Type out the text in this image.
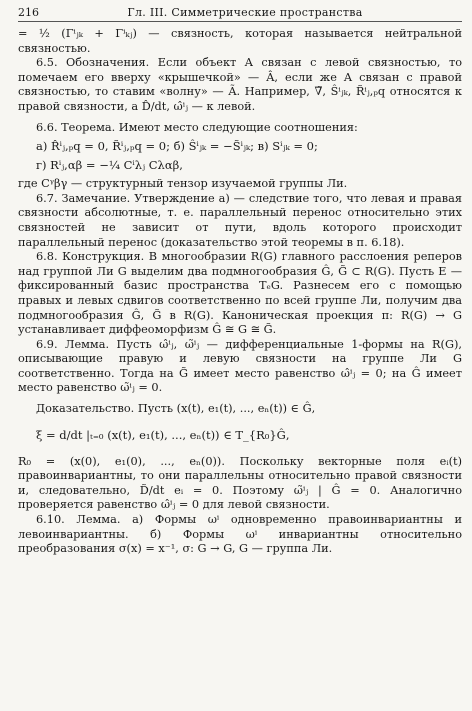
216	Гл. III. Симметрические пространства

= ½ (Γⁱⱼₖ + Γⁱₖⱼ) — связность, которая называется нейтральной связностью.

6.5. Обозначения. Если объект A связан с левой связностью, то помечаем его вверху «крышечкой» — Â, если же A связан с правой связностью, то ставим «волну» — Ã. Например, ∇̃, Ŝⁱⱼₖ, R̃ⁱⱼ,ₚq относятся к правой связности, а D̂/dt, ω̂ⁱⱼ — к левой.

6.6. Теорема. Имеют место следующие соотношения:

а) R̂ⁱⱼ,ₚq = 0, R̃ⁱⱼ,ₚq = 0; б) Ŝⁱⱼₖ = −S̃ⁱⱼₖ; в) Sⁱⱼₖ = 0;
г) Rⁱⱼ,αβ = −¼ Cⁱλⱼ Cλαβ,

где Cᵞβγ — структурный тензор изучаемой группы Ли.

6.7. Замечание. Утверждение а) — следствие того, что левая и правая связности абсолютные, т. е. параллельный перенос относительно этих связностей не зависит от пути, вдоль которого происходит параллельный перенос (доказательство этой теоремы в п. 6.18).

6.8. Конструкция. В многообразии R(G) главного расслоения реперов над группой Ли G выделим два подмногообразия Ĝ, G̃ ⊂ R(G). Пусть E — фиксированный базис пространства TₑG. Разнесем его с помощью правых и левых сдвигов соответственно по всей группе Ли, получим два подмногообразия Ĝ, G̃ в R(G). Каноническая проекция π: R(G) → G устанавливает диффеоморфизм Ĝ ≅ G ≅ G̃.

6.9. Лемма. Пусть ω̂ⁱⱼ, ω̃ⁱⱼ — дифференциальные 1-формы на R(G), описывающие правую и левую связности на группе Ли G соответственно. Тогда на G̃ имеет место равенство ω̂ⁱⱼ = 0; на Ĝ имеет место равенство ω̃ⁱⱼ = 0.

Доказательство. Пусть (x(t), e₁(t), ..., eₙ(t)) ∈ Ĝ,

ξ = d/dt |ₜ₌₀ (x(t), e₁(t), ..., eₙ(t)) ∈ T_{R₀}Ĝ,

R₀ = (x(0), e₁(0), ..., eₙ(0)). Поскольку векторные поля eᵢ(t) правоинвариантны, то они параллельны относительно правой связности и, следовательно, D̃/dt eᵢ = 0. Поэтому ω̃ⁱⱼ | Ĝ = 0. Аналогично проверяется равенство ω̂ⁱⱼ = 0 для левой связности.

6.10. Лемма. а) Формы ωⁱ одновременно правоинвариантны и левоинвариантны. б) Формы ωⁱ инвариантны относительно преобразования σ(x) = x⁻¹, σ: G → G, G — группа Ли.
